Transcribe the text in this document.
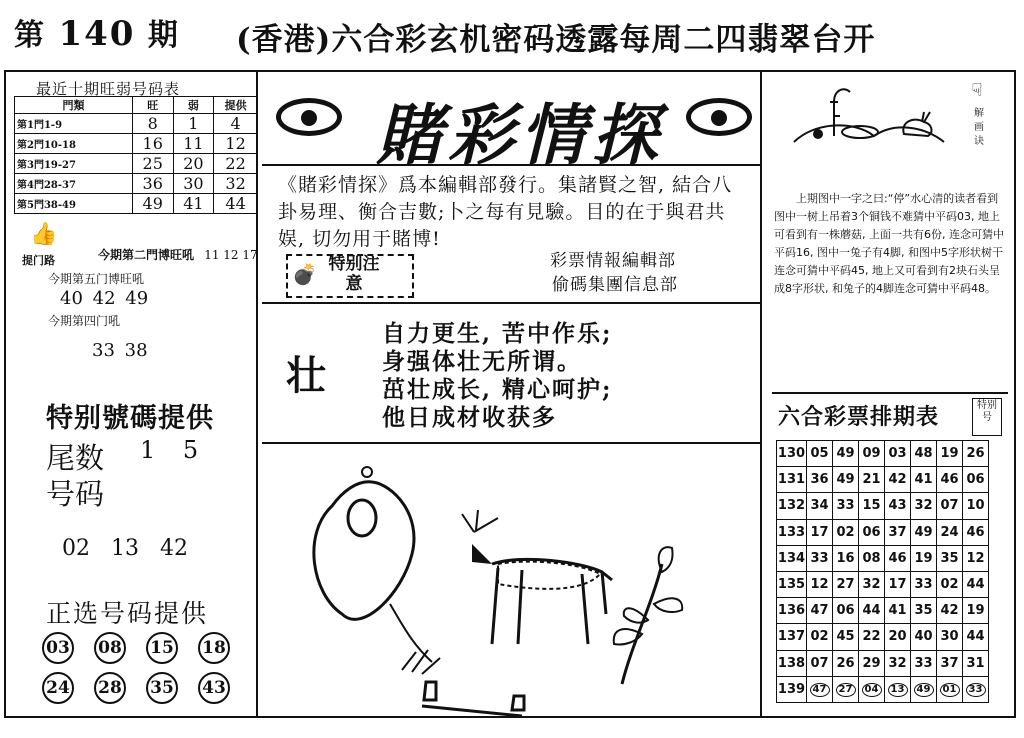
第 140 期 (香港)六合彩玄机密码透露每周二四翡翠台开
最近十期旺弱号码表
門類	旺	弱	提供
第1門1-9	8	1	4
第2門10-18	16	11	12
第3門19-27	25	20	22
第4門28-37	36	30	32
第5門38-49	49	41	44
👍
提门路	今期第二門博旺吼 11 12 17
今期第五门博旺吼
40 42 49
今期第四门吼
33 38
特别號碼提供
尾数 1 5
号码
02 13 42
正选号码提供
03 08 15 18
24 28 35 43
賭彩情探

《賭彩情探》爲本編輯部發行。集諸賢之智, 結合八卦易理、衡合吉數;卜之每有見驗。目的在于與君共娱, 切勿用于賭博!

💣 特别注意
彩票情報編輯部
偷碼集團信息部
壮
自力更生, 苦中作乐;
身强体壮无所谓。
茁壮成长, 精心呵护;
他日成材收获多
☟
解画诀
上期图中一字之曰:“停”水心清的读者看到图中一树上吊着3个铜钱不难猜中平码03, 地上可看到有一株蘑菇, 上面一共有6份, 连念可猜中平码16, 图中一兔子有4脚, 和图中5字形状树干连念可猜中平码45, 地上又可看到有2块石头呈成8字形状, 和兔子的4脚连念可猜中平码48。
六合彩票排期表	特别号
130	05	49	09	03	48	19	26
131	36	49	21	42	41	46	06
132	34	33	15	43	32	07	10
133	17	02	06	37	49	24	46
134	33	16	08	46	19	35	12
135	12	27	32	17	33	02	44
136	47	06	44	41	35	42	19
137	02	45	22	20	40	30	44
138	07	26	29	32	33	37	31
139	47	27	04	13	49	01	33
